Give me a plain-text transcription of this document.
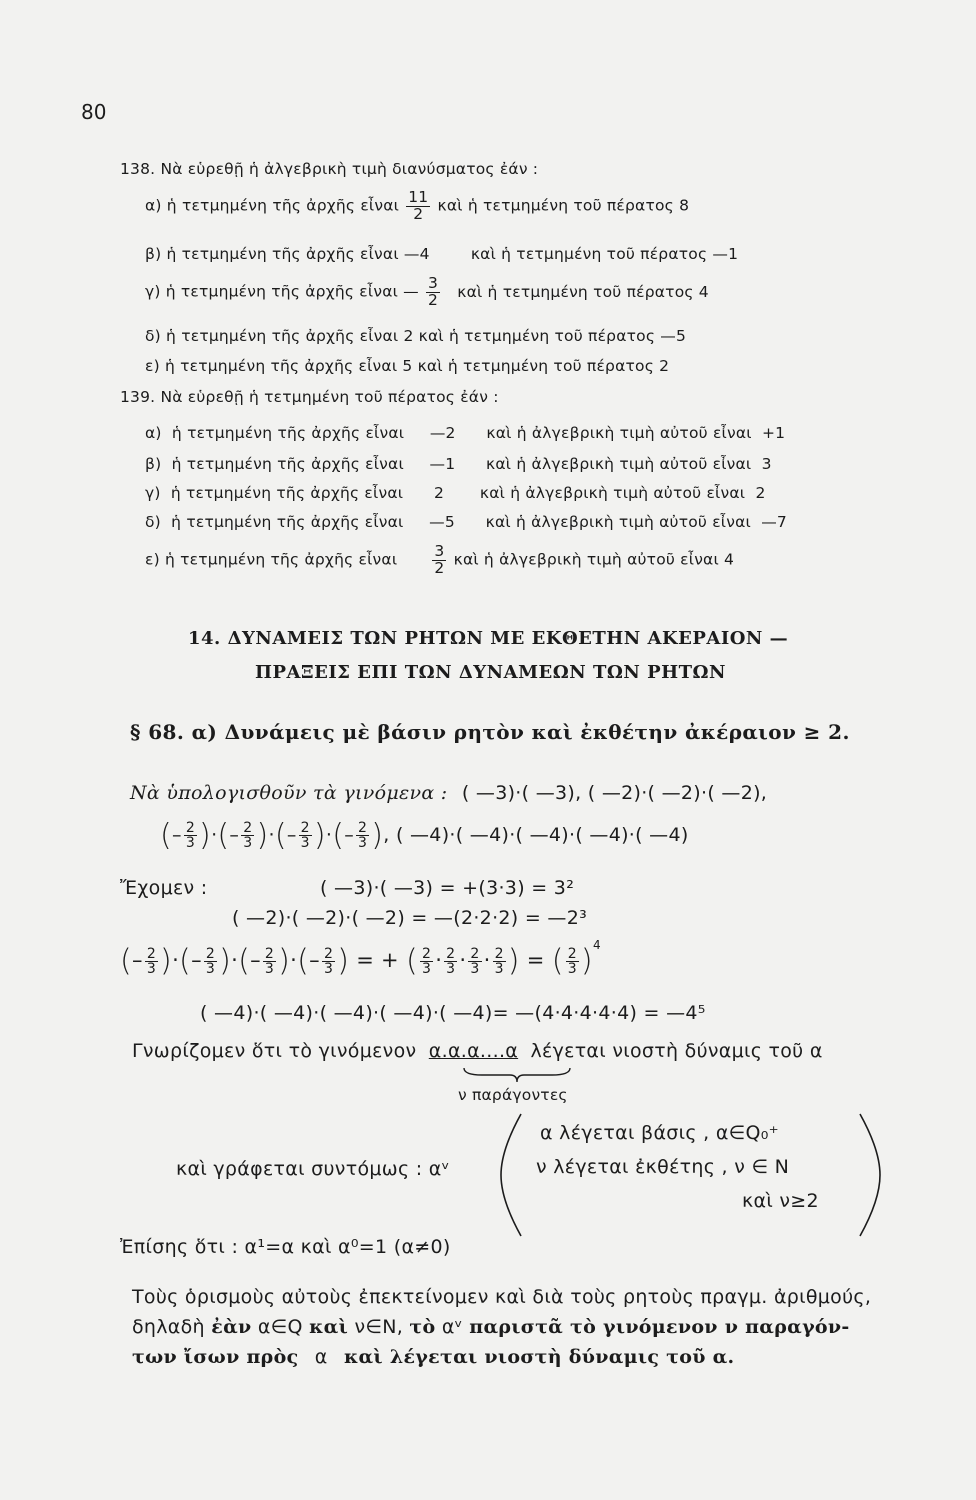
80
138. Νὰ εὑρεθῇ ἡ ἀλγεβρικὴ τιμὴ διανύσματος ἐάν :
α) ἡ τετμημένη τῆς ἀρχῆς εἶναι $\frac{11}{2}$ καὶ ἡ τετμημένη τοῦ πέρατος 8
β) ἡ τετμημένη τῆς ἀρχῆς εἶναι —4	καὶ ἡ τετμημένη τοῦ πέρατος —1
γ) ἡ τετμημένη τῆς ἀρχῆς εἶναι — $\frac{3}{2}$ καὶ ἡ τετμημένη τοῦ πέρατος 4
δ) ἡ τετμημένη τῆς ἀρχῆς εἶναι 2 καὶ ἡ τετμημένη τοῦ πέρατος —5
ε) ἡ τετμημένη τῆς ἀρχῆς εἶναι 5 καὶ ἡ τετμημένη τοῦ πέρατος 2
139. Νὰ εὑρεθῇ ἡ τετμημένη τοῦ πέρατος ἐάν :
α)  ἡ τετμημένη τῆς ἀρχῆς εἶναι     —2      καὶ ἡ ἀλγεβρικὴ τιμὴ αὐτοῦ εἶναι  +1
β)  ἡ τετμημένη τῆς ἀρχῆς εἶναι     —1      καὶ ἡ ἀλγεβρικὴ τιμὴ αὐτοῦ εἶναι  3
γ)  ἡ τετμημένη τῆς ἀρχῆς εἶναι      2       καὶ ἡ ἀλγεβρικὴ τιμὴ αὐτοῦ εἶναι  2
δ)  ἡ τετμημένη τῆς ἀρχῆς εἶναι     —5      καὶ ἡ ἀλγεβρικὴ τιμὴ αὐτοῦ εἶναι  —7
ε) ἡ τετμημένη τῆς ἀρχῆς εἶναι $\frac{3}{2}$ καὶ ἡ ἀλγεβρικὴ τιμὴ αὐτοῦ εἶναι 4
14. ΔΥΝΑΜΕΙΣ ΤΩΝ ΡΗΤΩΝ ΜΕ ΕΚΘΕΤΗΝ ΑΚΕΡΑΙΟΝ —
ΠΡΑΞΕΙΣ ΕΠΙ ΤΩΝ ΔΥΝΑΜΕΩΝ ΤΩΝ ΡΗΤΩΝ
§ 68. α) Δυνάμεις μὲ βάσιν ρητὸν καὶ ἐκθέτην ἀκέραιον ≥ 2.
Νὰ ὑπολογισθοῦν τὰ γινόμενα : ( —3)·( —3), ( —2)·( —2)·( —2),
(– $\frac{2}{3}$ )·(– $\frac{2}{3}$ )·(– $\frac{2}{3}$ )·(– $\frac{2}{3}$ ), ( —4)·( —4)·( —4)·( —4)·( —4)
Ἔχομεν :	( —3)·( —3) = +(3·3) = 3²
( —2)·( —2)·( —2) = —(2·2·2) = —2³
(– $\frac{2}{3}$ )·(– $\frac{2}{3}$ )·(– $\frac{2}{3}$ )·(– $\frac{2}{3}$ ) = + ( $\frac{2}{3} \cdot \frac{2}{3} \cdot \frac{2}{3} \cdot \frac{2}{3}$ ) = ( $\frac{2}{3} )^4$
( —4)·( —4)·( —4)·( —4)·( —4)= —(4·4·4·4·4) = —4⁵
Γνωρίζομεν ὅτι τὸ γινόμενον α.α.α....α λέγεται νιοστὴ δύναμις τοῦ α
ν παράγοντες
καὶ γράφεται συντόμως : αᵛ
α λέγεται βάσις , α∈Q₀⁺
ν λέγεται ἐκθέτης , ν ∈ N
καὶ ν≥2
Ἐπίσης ὅτι : α¹=α καὶ α⁰=1 (α≠0)
Τοὺς ὁρισμοὺς αὐτοὺς ἐπεκτείνομεν καὶ διὰ τοὺς ρητοὺς πραγμ. ἀριθμούς,
δηλαδὴ ἐὰν α∈Q καὶ ν∈N, τὸ αᵛ παριστᾶ τὸ γινόμενον ν παραγόν-
των ἴσων πρὸς α καὶ λέγεται νιοστὴ δύναμις τοῦ α.
